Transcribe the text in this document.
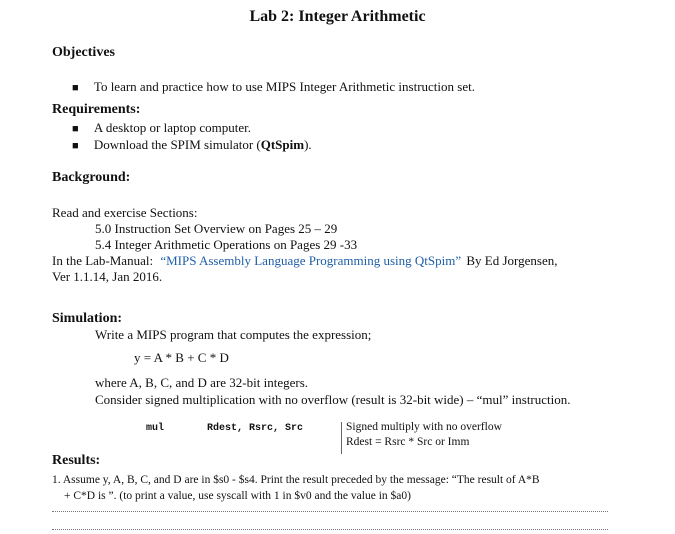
Lab 2: Integer Arithmetic
Objectives
■ To learn and practice how to use MIPS Integer Arithmetic instruction set.
Requirements:
■ A desktop or laptop computer.
■ Download the SPIM simulator (QtSpim).
Background:
Read and exercise Sections:
5.0 Instruction Set Overview on Pages 25 – 29
5.4 Integer Arithmetic Operations on Pages 29 -33
In the Lab-Manual: “MIPS Assembly Language Programming using QtSpim” By Ed Jorgensen,
Ver 1.1.14, Jan 2016.
Simulation:
Write a MIPS program that computes the expression;
y = A * B + C * D
where A, B, C, and D are 32-bit integers.
Consider signed multiplication with no overflow (result is 32-bit wide) – “mul” instruction.
mul	Rdest, Rsrc, Src	Signed multiply with no overflow
Rdest = Rsrc * Src or Imm
Results:
1. Assume y, A, B, C, and D are in $s0 - $s4. Print the result preceded by the message: “The result of A*B
+ C*D is ”. (to print a value, use syscall with 1 in $v0 and the value in $a0)
